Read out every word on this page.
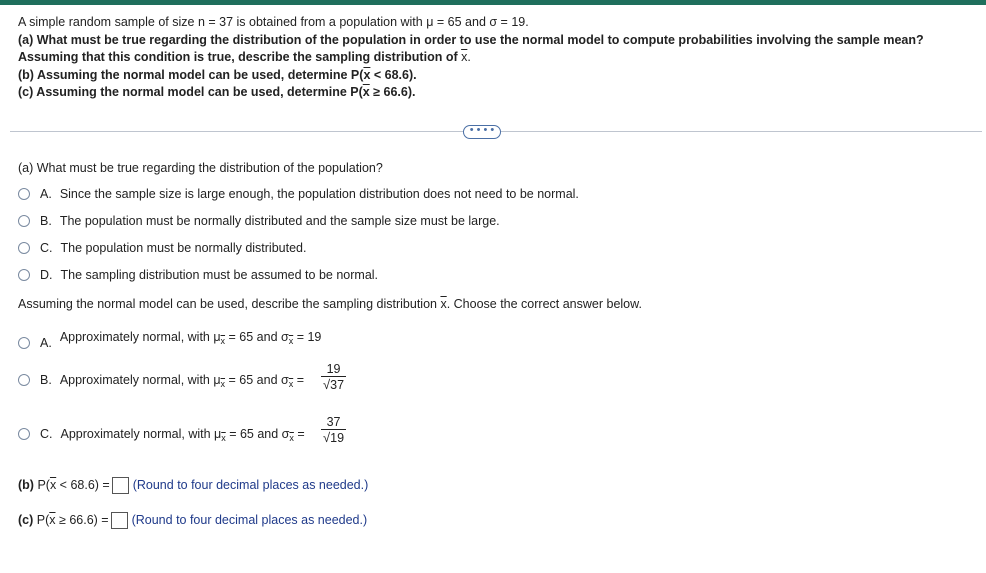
A simple random sample of size n = 37 is obtained from a population with μ = 65 and σ = 19.

(a) What must be true regarding the distribution of the population in order to use the normal model to compute probabilities involving the sample mean? Assuming that this condition is true, describe the sampling distribution of $\overline{x}$.

(b) Assuming the normal model can be used, determine $P(\overline{x} < 68.6)$.

(c) Assuming the normal model can be used, determine $P(\overline{x} \ge 66.6)$.

• • • •
(a) What must be true regarding the distribution of the population?
A. Since the sample size is large enough, the population distribution does not need to be normal.
B. The population must be normally distributed and the sample size must be large.
C. The population must be normally distributed.
D. The sampling distribution must be assumed to be normal.
Assuming the normal model can be used, describe the sampling distribution $\overline{x}$. Choose the correct answer below.
A. Approximately normal, with $\mu_{\overline{x}} = 65$ and $\sigma_{\overline{x}} = 19$
B. Approximately normal, with $\mu_{\overline{x}} = 65$ and $\sigma_{\overline{x}} = \frac{19}{√37}$
C. Approximately normal, with $\mu_{\overline{x}} = 65$ and $\sigma_{\overline{x}} = \frac{37}{√19}$
(b) $P(\overline{x} < 68.6)$ = (Round to four decimal places as needed.)
(c) $P(\overline{x} \ge 66.6)$ = (Round to four decimal places as needed.)
